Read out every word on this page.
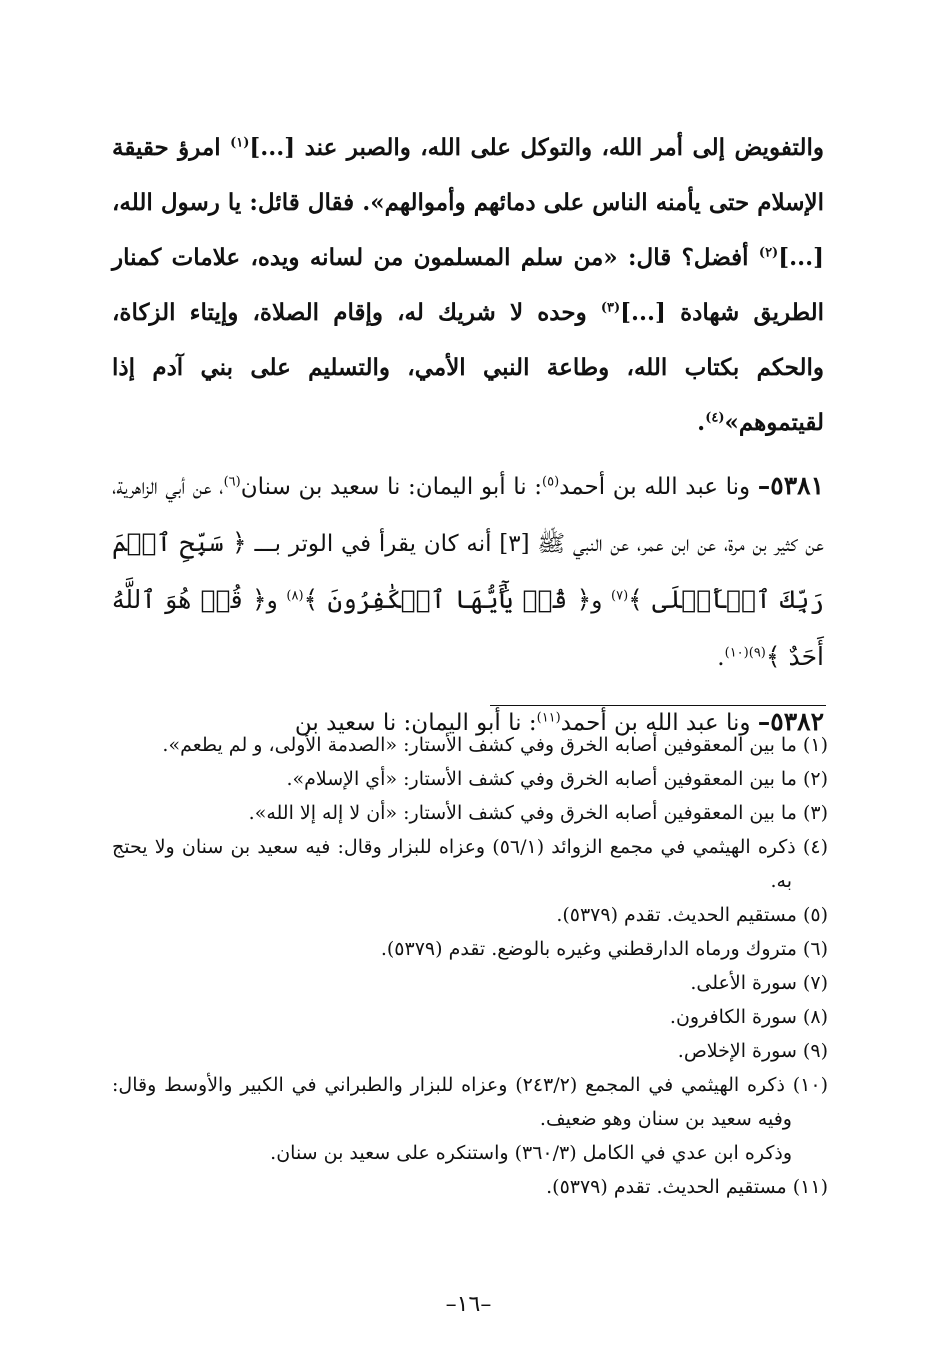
والتفويض إلى أمر الله، والتوكل على الله، والصبر عند [...]$^{(١)}$ امرؤ حقيقة الإسلام حتى يأمنه الناس على دمائهم وأموالهم». فقال قائل: يا رسول الله،[...]$^{(٢)}$ أفضل؟ قال: «من سلم المسلمون من لسانه ويده، علامات كمنار الطريق شهادة [...]$^{(٣)}$ وحده لا شريك له، وإقام الصلاة، وإيتاء الزكاة، والحكم بكتاب الله، وطاعة النبي الأمي، والتسليم على بني آدم إذا لقيتموهم»$^{(٤)}$.

٥٣٨١– ونا عبد الله بن أحمد$^{(٥)}$: نا أبو اليمان: نا سعيد بن سنان$^{(٦)}$، عن أبي الزاهرية، عن كثير بن مرة، عن ابن عمر، عن النبي ﷺ [٣] أنه كان يقرأ في الوتر بـــ ﴿ سَبِّحِ ٱسۡمَ رَبِّكَ ٱلۡأَعۡلَى ﴾$^{(٧)}$ و﴿ قُلۡ يَٰٓأَيُّهَا ٱلۡكَٰفِرُونَ ﴾$^{(٨)}$ و﴿ قُلۡ هُوَ ٱللَّهُ أَحَدٌ ﴾$^{(٩)(١٠)}$.

٥٣٨٢– ونا عبد الله بن أحمد$^{(١١)}$: نا أبو اليمان: نا سعيد بن

(١) ما بين المعقوفين أصابه الخرق وفي كشف الأستار: «الصدمة الأولى، و لم يطعم».

(٢) ما بين المعقوفين أصابه الخرق وفي كشف الأستار: «أي الإسلام».

(٣) ما بين المعقوفين أصابه الخرق وفي كشف الأستار: «أن لا إله إلا الله».

(٤) ذكره الهيثمي في مجمع الزوائد (٥٦/١) وعزاه للبزار وقال: فيه سعيد بن سنان ولا يحتج به.

(٥) مستقيم الحديث. تقدم (٥٣٧٩).

(٦) متروك ورماه الدارقطني وغيره بالوضع. تقدم (٥٣٧٩).

(٧) سورة الأعلى.

(٨) سورة الكافرون.

(٩) سورة الإخلاص.

(١٠) ذكره الهيثمي في المجمع (٢٤٣/٢) وعزاه للبزار والطبراني في الكبير والأوسط وقال: وفيه سعيد بن سنان وهو ضعيف.

وذكره ابن عدي في الكامل (٣٦٠/٣) واستنكره على سعيد بن سنان.

(١١) مستقيم الحديث. تقدم (٥٣٧٩).

–١٦–
